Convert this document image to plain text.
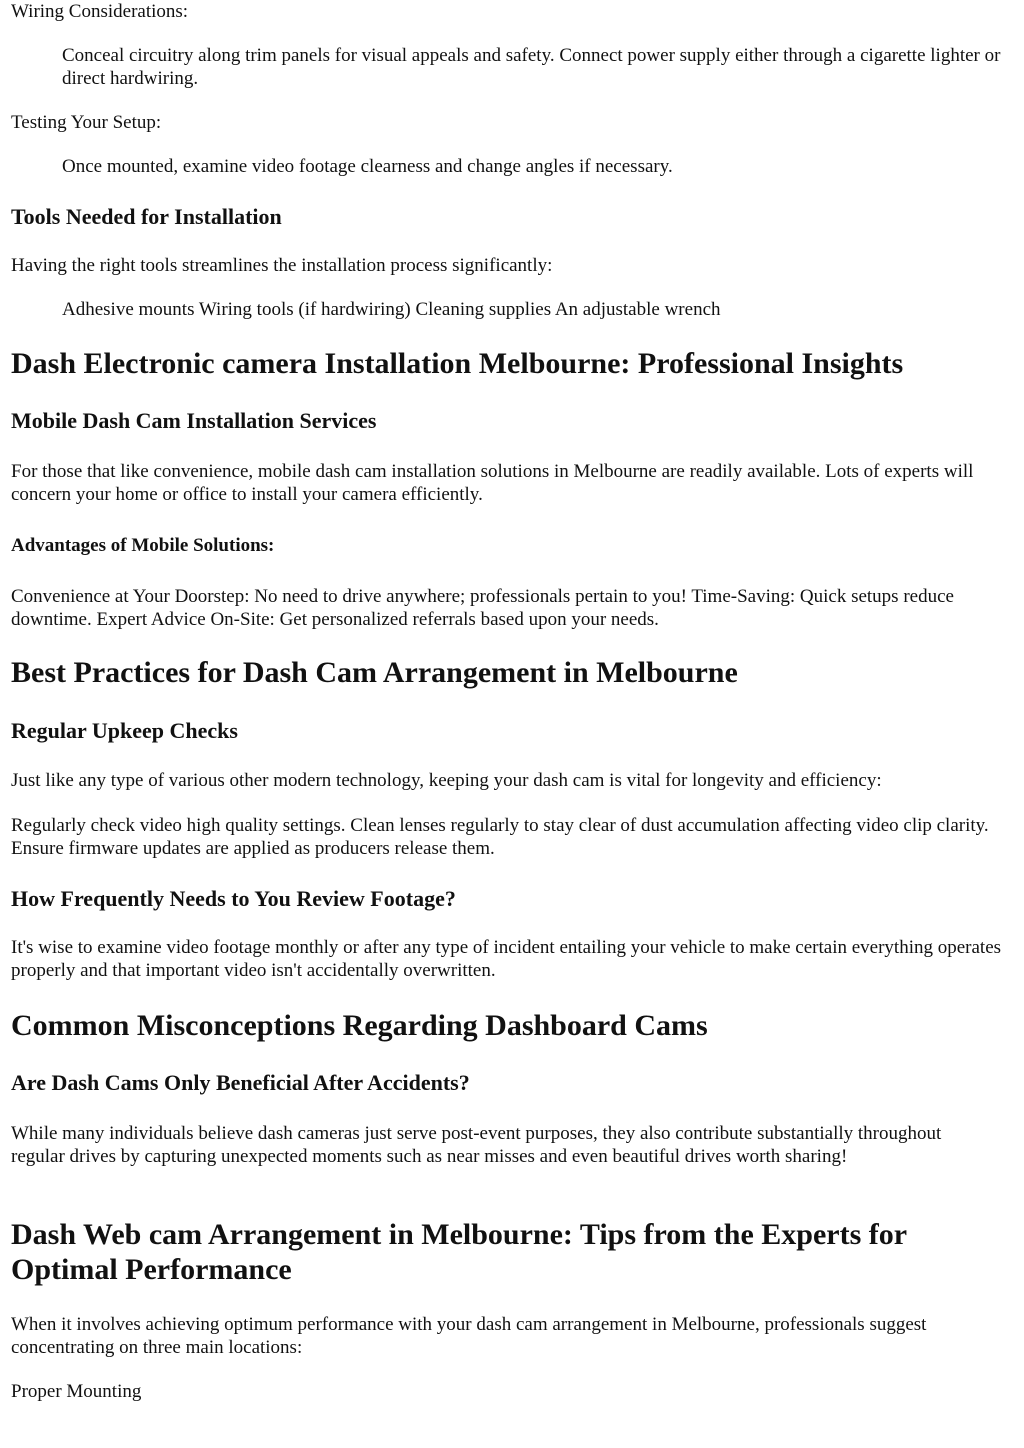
Wiring Considerations:

Conceal circuitry along trim panels for visual appeals and safety. Connect power supply either through a cigarette lighter or direct hardwiring.

Testing Your Setup:

Once mounted, examine video footage clearness and change angles if necessary.

Tools Needed for Installation

Having the right tools streamlines the installation process significantly:

Adhesive mounts Wiring tools (if hardwiring) Cleaning supplies An adjustable wrench

Dash Electronic camera Installation Melbourne: Professional Insights
Mobile Dash Cam Installation Services

For those that like convenience, mobile dash cam installation solutions in Melbourne are readily available. Lots of experts will concern your home or office to install your camera efficiently.

Advantages of Mobile Solutions:

Convenience at Your Doorstep: No need to drive anywhere; professionals pertain to you! Time-Saving: Quick setups reduce downtime. Expert Advice On-Site: Get personalized referrals based upon your needs.

Best Practices for Dash Cam Arrangement in Melbourne
Regular Upkeep Checks

Just like any type of various other modern technology, keeping your dash cam is vital for longevity and efficiency:

Regularly check video high quality settings. Clean lenses regularly to stay clear of dust accumulation affecting video clip clarity. Ensure firmware updates are applied as producers release them.

How Frequently Needs to You Review Footage?

It's wise to examine video footage monthly or after any type of incident entailing your vehicle to make certain everything operates properly and that important video isn't accidentally overwritten.

Common Misconceptions Regarding Dashboard Cams
Are Dash Cams Only Beneficial After Accidents?

While many individuals believe dash cameras just serve post-event purposes, they also contribute substantially throughout regular drives by capturing unexpected moments such as near misses and even beautiful drives worth sharing!

Dash Web cam Arrangement in Melbourne: Tips from the Experts for Optimal Performance

When it involves achieving optimum performance with your dash cam arrangement in Melbourne, professionals suggest concentrating on three main locations:

Proper Mounting
